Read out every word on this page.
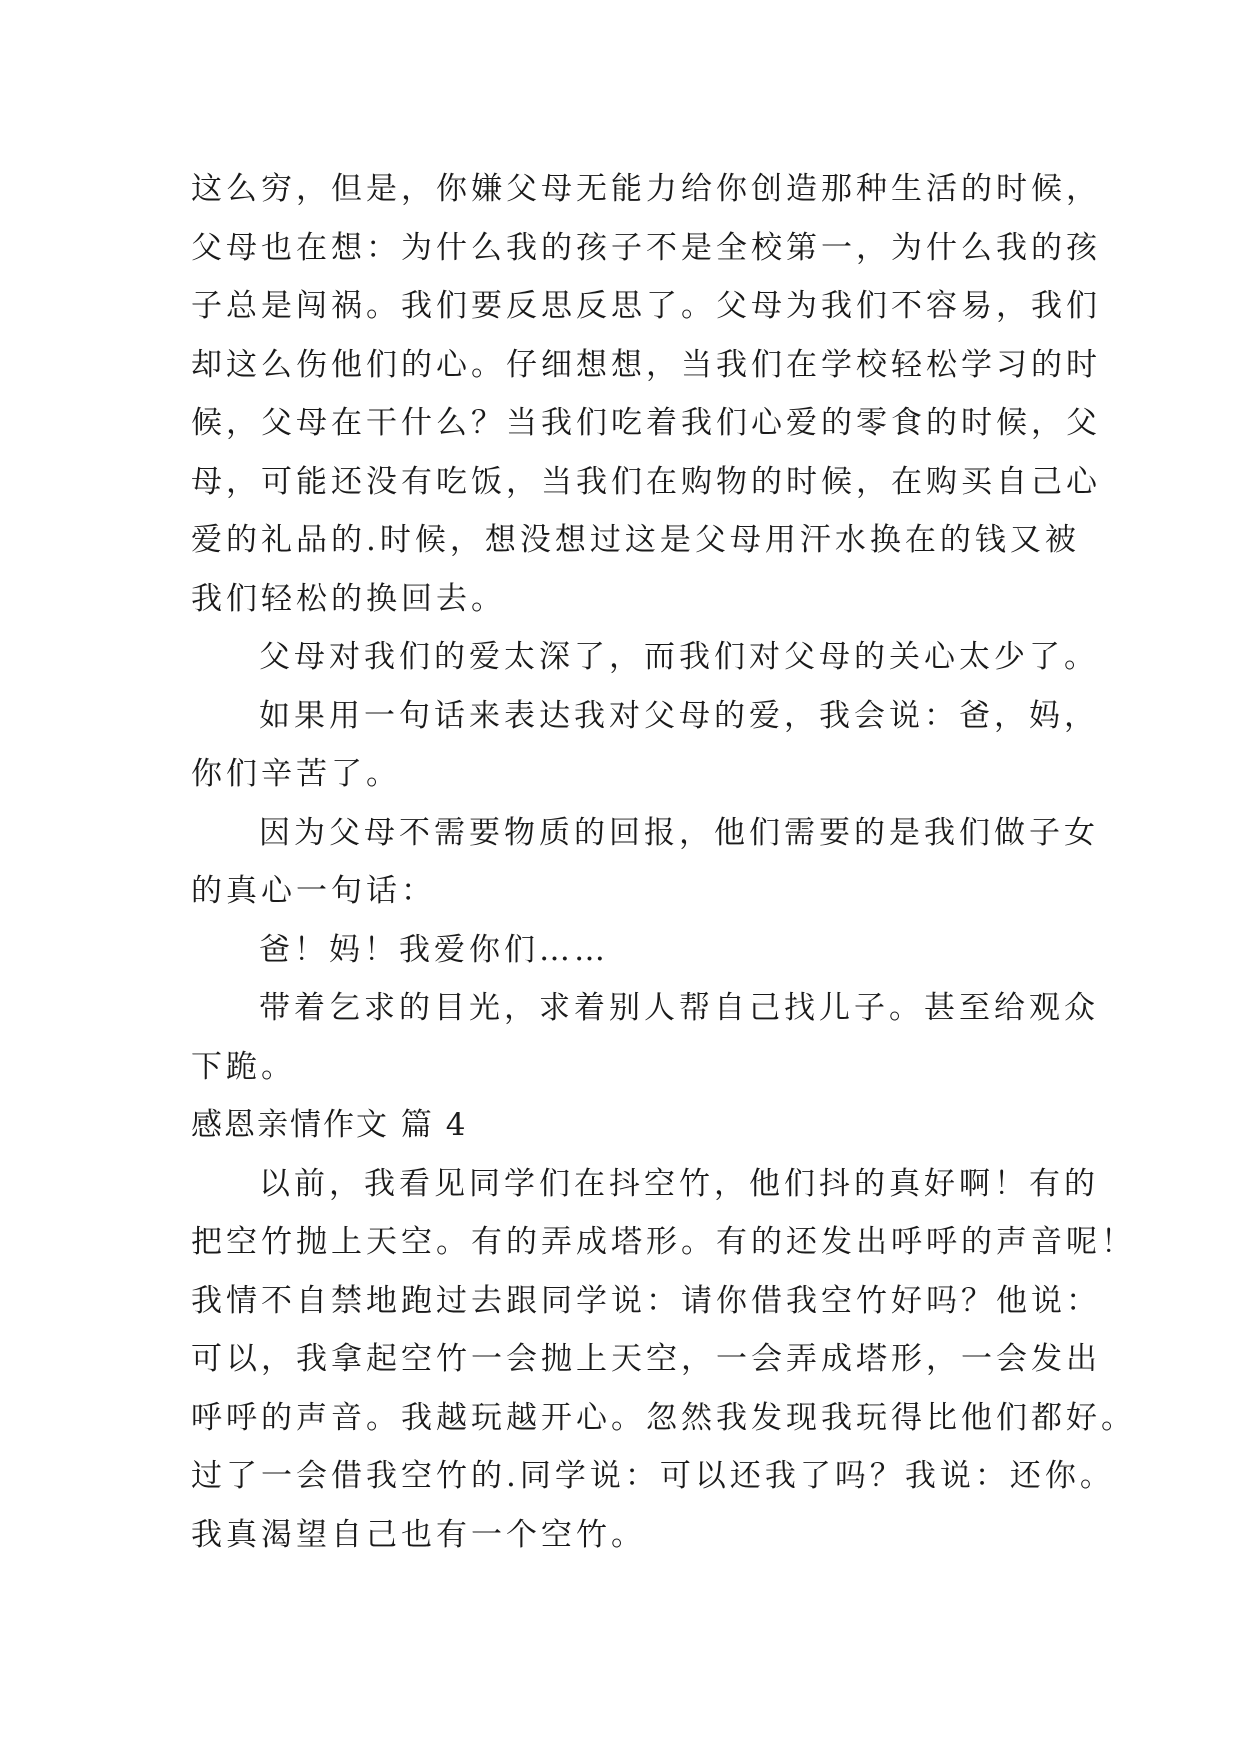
这么穷，但是，你嫌父母无能力给你创造那种生活的时候，
父母也在想：为什么我的孩子不是全校第一，为什么我的孩
子总是闯祸。我们要反思反思了。父母为我们不容易，我们
却这么伤他们的心。仔细想想，当我们在学校轻松学习的时
候，父母在干什么？当我们吃着我们心爱的零食的时候，父
母，可能还没有吃饭，当我们在购物的时候，在购买自己心
爱的礼品的.时候，想没想过这是父母用汗水换在的钱又被
我们轻松的换回去。
父母对我们的爱太深了，而我们对父母的关心太少了。
如果用一句话来表达我对父母的爱，我会说：爸，妈，
你们辛苦了。
因为父母不需要物质的回报，他们需要的是我们做子女
的真心一句话：
爸！妈！我爱你们……
带着乞求的目光，求着别人帮自己找儿子。甚至给观众
下跪。
感恩亲情作文 篇 4
以前，我看见同学们在抖空竹，他们抖的真好啊！有的
把空竹抛上天空。有的弄成塔形。有的还发出呼呼的声音呢！
我情不自禁地跑过去跟同学说：请你借我空竹好吗？他说：
可以，我拿起空竹一会抛上天空，一会弄成塔形，一会发出
呼呼的声音。我越玩越开心。忽然我发现我玩得比他们都好。
过了一会借我空竹的.同学说：可以还我了吗？我说：还你。
我真渴望自己也有一个空竹。
